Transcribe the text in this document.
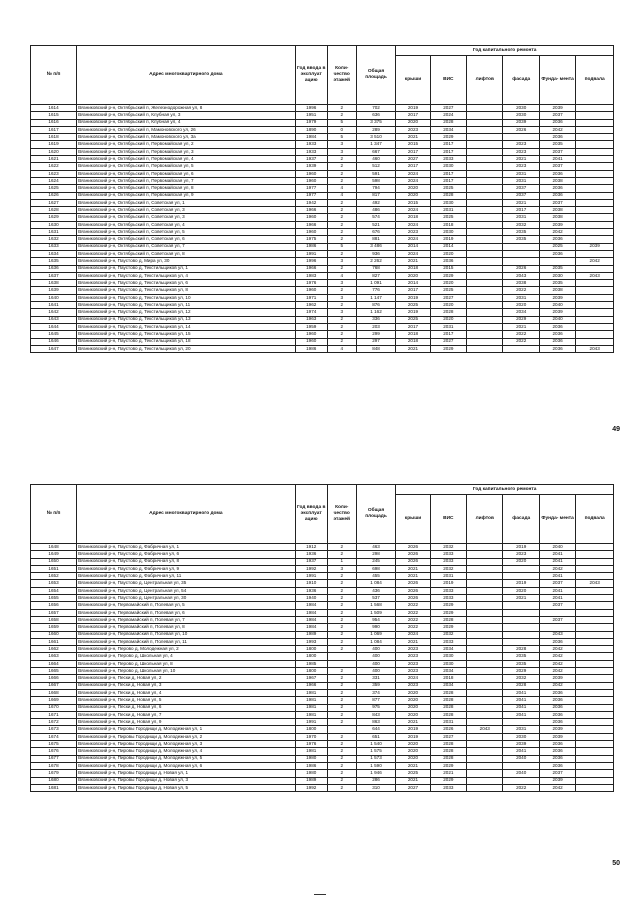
№ п/п	Адрес многоквартирного дома	Год ввода в эксплуат ацию	Коли- чество этажей	Общая площадь	Год капитального ремонта					
					крыши	ВИС	лифтов	фасада	Фунда- мента	подвала
1614	Вязниковский р-н, Октябрьский п, Железнодорожная ул, 8	1996	2	702	2019	2027		2030	2039	
1615	Вязниковский р-н, Октябрьский п, Клубная ул, 3	1951	2	636	2017	2024		2030	2037	
1616	Вязниковский р-н, Октябрьский п, Клубная ул, 4	1979	5	3 375	2020	2028		2039	2036	
1617	Вязниковский р-н, Октябрьский п, Мамоновского ул, 26	1890	0	289	2023	2034		2026	2042	
1618	Вязниковский р-н, Октябрьский п, Мамоновского ул, 3а	1984	5	3 510	2021	2029			2036	
1619	Вязниковский р-н, Октябрьский п, Первомайская ул, 2	1933	3	1 347	2015	2017		2023	2035	
1620	Вязниковский р-н, Октябрьский п, Первомайская ул, 3	1933	3	667	2017	2017		2023	2037	
1621	Вязниковский р-н, Октябрьский п, Первомайская ул, 4	1937	2	460	2027	2033		2021	2041	
1622	Вязниковский р-н, Октябрьский п, Первомайская ул, 5	1939	2	512	2017	2030		2023	2037	
1623	Вязниковский р-н, Октябрьский п, Первомайская ул, 6	1960	2	591	2024	2017		2031	2036	
1624	Вязниковский р-н, Октябрьский п, Первомайская ул, 7	1960	2	598	2024	2017		2031	2038	
1625	Вязниковский р-н, Октябрьский п, Первомайская ул, 8	1977	4	794	2020	2025		2037	2036	
1626	Вязниковский р-н, Октябрьский п, Первомайская ул, 9	1977	4	817	2020	2028		2037	2036	
1627	Вязниковский р-н, Октябрьский п, Советская ул, 1	1942	2	492	2015	2030		2021	2037	
1628	Вязниковский р-н, Октябрьский п, Советская ул, 3	1966	2	486	2024	2031		2017	2038	
1629	Вязниковский р-н, Октябрьский п, Советская ул, 3	1960	2	574	2018	2025		2031	2038	
1630	Вязниковский р-н, Октябрьский п, Советская ул, 4	1966	2	521	2024	2018		2032	2039	
1631	Вязниковский р-н, Октябрьский п, Советская ул, 5	1960	2	676	2023	2030		2035	2042	
1632	Вязниковский р-н, Октябрьский п, Советская ул, 6	1975	2	881	2024	2019		2035	2036	
1633	Вязниковский р-н, Октябрьский п, Советская ул, 7	1986	5	3 486	2014	2014			2025	2039
1634	Вязниковский р-н, Октябрьский п, Советская ул, 8	1991	2	936	2024	2020			2036	
1635	Вязниковский р-н, Паустово д, Мира ул, 30	1996	3	2 262	2021	2036				2042
1636	Вязниковский р-н, Паустово д, Текстильщиков ул, 1	1966	2	768	2018	2015		2026	2035	
1637	Вязниковский р-н, Паустово д, Текстильщиков ул, 4	1983	4	827	2020	2029		2043	2030	2043
1638	Вязниковский р-н, Паустово д, Текстильщиков ул, 6	1976	3	1 091	2014	2020		2038	2035	
1639	Вязниковский р-н, Паустово д, Текстильщиков ул, 8	1960	2	776	2017	2025		2022	2038	
1640	Вязниковский р-н, Паустово д, Текстильщиков ул, 10	1971	3	1 147	2019	2027		2031	2039	
1641	Вязниковский р-н, Паустово д, Текстильщиков ул, 11	1962	2	876	2025	2020		2020	2040	
1642	Вязниковский р-н, Паустово д, Текстильщиков ул, 12	1974	3	1 162	2019	2028		2034	2039	
1643	Вязниковский р-н, Паустово д, Текстильщиков ул, 13	1963	2	336	2025	2020		2029	2040	
1644	Вязниковский р-н, Паустово д, Текстильщиков ул, 14	1959	2	203	2017	2031		2021	2036	
1645	Вязниковский р-н, Паустово д, Текстильщиков ул, 15	1960	2	299	2018	2017		2022	2036	
1646	Вязниковский р-н, Паустово д, Текстильщиков ул, 18	1960	2	297	2018	2027		2022	2036	
1647	Вязниковский р-н, Паустово д, Текстильщиков ул, 20	1986	4	848	2021	2029			2036	2043
49
№ п/п	Адрес многоквартирного дома	Год ввода в эксплуат ацию	Коли- чество этажей	Общая площадь	Год капитального ремонта					
					крыши	ВИС	лифтов	фасада	Фунда- мента	подвала
1648	Вязниковский р-н, Паустово д, Фабричная ул, 1	1912	2	463	2026	2032		2019	2040	
1649	Вязниковский р-н, Паустово д, Фабричная ул, 6	1936	2	298	2026	2033		2023	2041	
1650	Вязниковский р-н, Паустово д, Фабричная ул, 8	1937	1	245	2026	2033		2020	2041	
1651	Вязниковский р-н, Паустово д, Фабричная ул, 9	1992	3	698	2021	2032			2042	
1652	Вязниковский р-н, Паустово д, Фабричная ул, 11	1991	2	455	2021	2031			2041	
1653	Вязниковский р-н, Паустово д, Центральная ул, 35	1910	2	1 084	2026	2019		2019	2037	2043
1654	Вязниковский р-н, Паустово д, Центральная ул, 54	1936	2	436	2026	2033		2020	2041	
1655	Вязниковский р-н, Паустово д, Центральная ул, 30	1940	2	537	2026	2033		2021	2041	
1656	Вязниковский р-н, Первомайский п, Полевая ул, 5	1984	2	1 568	2022	2029			2037	
1657	Вязниковский р-н, Первомайский п, Полевая ул, 6	1984	2	1 509	2022	2029				
1658	Вязниковский р-н, Первомайский п, Полевая ул, 7	1984	2	954	2022	2028			2037	
1659	Вязниковский р-н, Первомайский п, Полевая ул, 8	1984	2	990	2022	2029				
1660	Вязниковский р-н, Первомайский п, Полевая ул, 10	1989	2	1 069	2024	2032			2043	
1661	Вязниковский р-н, Первомайский п, Полевая ул, 11	1993	2	1 084	2021	2033			2036	
1662	Вязниковский р-н, Перово д, Молодежная ул, 2	1800	2	400	2023	2034		2028	2042	
1663	Вязниковский р-н, Перово д, Школьная ул, 4	1800		400	2023	2030		2035	2042	
1664	Вязниковский р-н, Перово д, Школьная ул, 8	1985		400	2023	2030		2035	2042	
1665	Вязниковский р-н, Перово д, Школьная ул, 10	1800	2	400	2023	2034		2029	2042	
1666	Вязниковский р-н, Пески д, Новая ул, 2	1967	2	331	2024	2018		2032	2039	
1667	Вязниковский р-н, Пески д, Новая ул, 3	1966	2	359	2023	2034		2028	2042	
1668	Вязниковский р-н, Пески д, Новая ул, 4	1981	2	374	2020	2028		2041	2036	
1669	Вязниковский р-н, Пески д, Новая ул, 5	1981	2	877	2020	2028		2041	2036	
1670	Вязниковский р-н, Пески д, Новая ул, 6	1981	2	975	2020	2028		2041	2036	
1671	Вязниковский р-н, Пески д, Новая ул, 7	1981	2	843	2020	2028		2041	2036	
1672	Вязниковский р-н, Пески д, Новая ул, 9	1991	2	863	2021	2031			2036	
1673	Вязниковский р-н, Пировы Городищи д, Молодежная ул, 1	1800		644	2019	2026	2043	2031	2039	
1674	Вязниковский р-н, Пировы Городищи д, Молодежная ул, 2	1970	2	651	2019	2027		2030	2039	
1675	Вязниковский р-н, Пировы Городищи д, Молодежная ул, 3	1976	2	1 540	2020	2028		2039	2036	
1676	Вязниковский р-н, Пировы Городищи д, Молодежная ул, 4	1981	2	1 575	2020	2028		2041	2036	
1677	Вязниковский р-н, Пировы Городищи д, Молодежная ул, 5	1980	2	1 573	2020	2028		2040	2036	
1678	Вязниковский р-н, Пировы Городищи д, Молодежная ул, 6	1986	2	1 590	2021	2029			2036	
1679	Вязниковский р-н, Пировы Городищи д, Новая ул, 1	1980	2	1 946	2025	2021		2040	2037	
1680	Вязниковский р-н, Пировы Городищи д, Новая ул, 3	1989	2	286	2021	2029			2039	
1681	Вязниковский р-н, Пировы Городищи д, Новая ул, 5	1992	2	310	2027	2033		2022	2042	
50
